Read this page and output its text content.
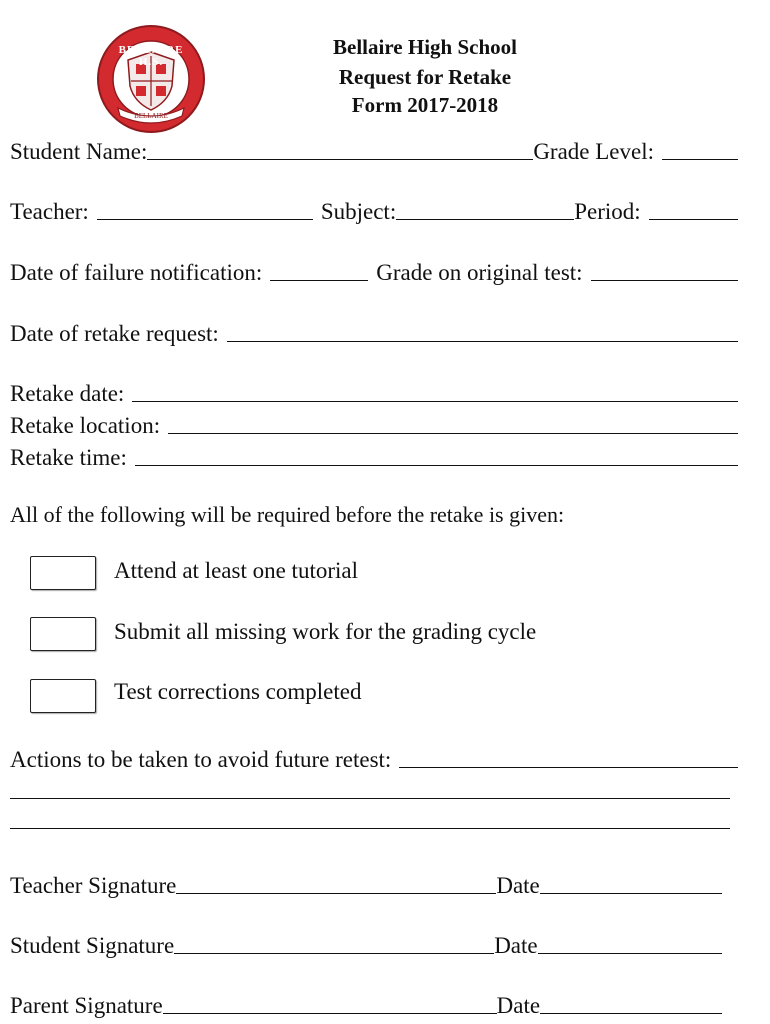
BELLAIRE H.S.
BELLAIRE
Bellaire High School
Request for Retake
Form 2017-2018
Student Name:	Grade Level:
Teacher:	Subject:	Period:
Date of failure notification:	Grade on original test:
Date of retake request:
Retake date:
Retake location:
Retake time:
All of the following will be required before the retake is given:
Attend at least one tutorial
Submit all missing work for the grading cycle
Test corrections completed
Actions to be taken to avoid future retest:
Teacher Signature	Date
Student Signature	Date
Parent Signature	Date
